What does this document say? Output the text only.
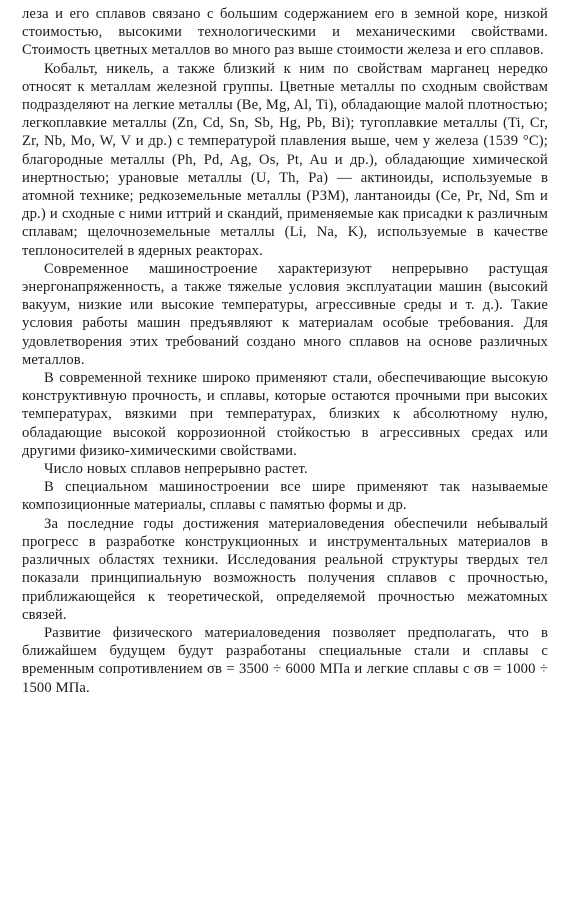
леза и его сплавов связано с большим содержанием его в земной коре, низкой стоимостью, высокими технологическими и механическими свойствами. Стоимость цветных металлов во много раз выше стоимости железа и его сплавов.

Кобальт, никель, а также близкий к ним по свойствам марганец нередко относят к металлам железной группы. Цветные металлы по сходным свойствам подразделяют на легкие металлы (Be, Mg, Al, Ti), обладающие малой плотностью; легкоплавкие металлы (Zn, Cd, Sn, Sb, Hg, Pb, Bi); тугоплавкие металлы (Ti, Cr, Zr, Nb, Mo, W, V и др.) с температурой плавления выше, чем у железа (1539 °С); благородные металлы (Ph, Pd, Ag, Os, Pt, Au и др.), обладающие химической инертностью; урановые металлы (U, Th, Pa) — актиноиды, используемые в атомной технике; редкоземельные металлы (РЗМ), лантаноиды (Ce, Pr, Nd, Sm и др.) и сходные с ними иттрий и скандий, применяемые как присадки к различным сплавам; щелочноземельные металлы (Li, Na, K), используемые в качестве теплоносителей в ядерных реакторах.

Современное машиностроение характеризуют непрерывно растущая энергонапряженность, а также тяжелые условия эксплуатации машин (высокий вакуум, низкие или высокие температуры, агрессивные среды и т. д.). Такие условия работы машин предъявляют к материалам особые требования. Для удовлетворения этих требований создано много сплавов на основе различных металлов.

В современной технике широко применяют стали, обеспечивающие высокую конструктивную прочность, и сплавы, которые остаются прочными при высоких температурах, вязкими при температурах, близких к абсолютному нулю, обладающие высокой коррозионной стойкостью в агрессивных средах или другими физико-химическими свойствами.

Число новых сплавов непрерывно растет.

В специальном машиностроении все шире применяют так называемые композиционные материалы, сплавы с памятью формы и др.

За последние годы достижения материаловедения обеспечили небывалый прогресс в разработке конструкционных и инструментальных материалов в различных областях техники. Исследования реальной структуры твердых тел показали принципиальную возможность получения сплавов с прочностью, приближающейся к теоретической, определяемой прочностью межатомных связей.

Развитие физического материаловедения позволяет предполагать, что в ближайшем будущем будут разработаны специальные стали и сплавы с временным сопротивлением σв = 3500 ÷ 6000 МПа и легкие сплавы с σв = 1000 ÷ 1500 МПа.
